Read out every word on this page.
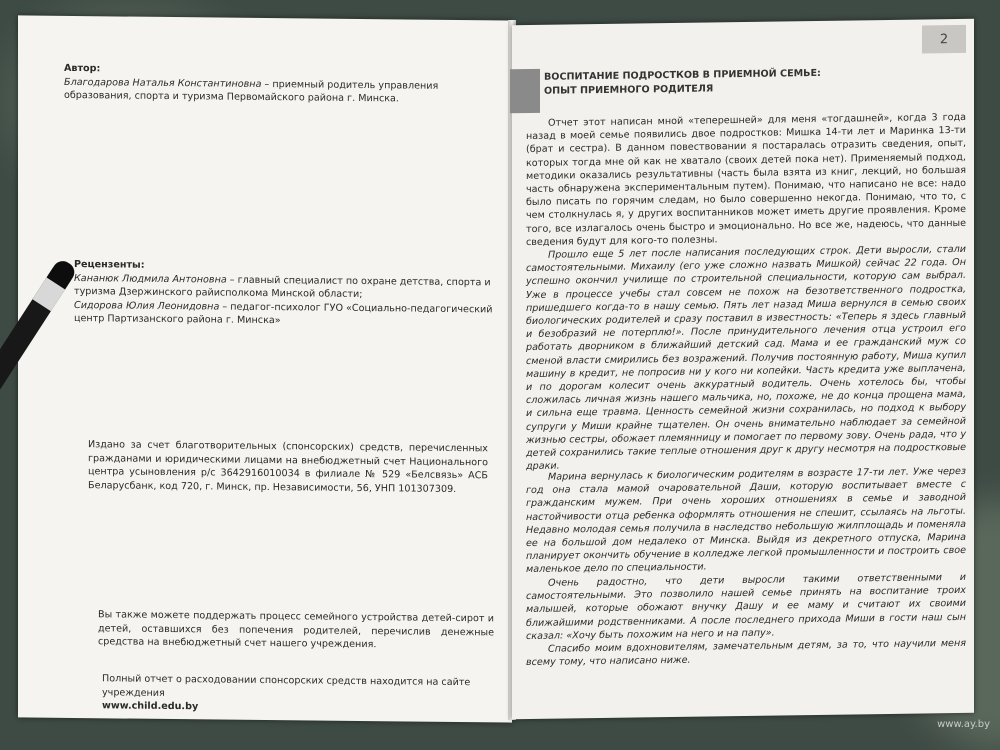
Автор:
Благодарова Наталья Константиновна – приемный родитель управления образования, спорта и туризма Первомайского района г. Минска.
Рецензенты:
Кананюк Людмила Антоновна – главный специалист по охране детства, спорта и туризма Дзержинского райисполкома Минской области;
Сидорова Юлия Леонидовна – педагог-психолог ГУО «Социально-педагогический центр Партизанского района г. Минска»
Издано за счет благотворительных (спонсорских) средств, перечисленных гражданами и юридическими лицами на внебюджетный счет Национального центра усыновления р/с 3642916010034 в филиале № 529 «Белсвязь» АСБ Беларусбанк, код 720, г. Минск, пр. Независимости, 56, УНП 101307309.
Вы также можете поддержать процесс семейного устройства детей-сирот и детей, оставшихся без попечения родителей, перечислив денежные средства на внебюджетный счет нашего учреждения.
Полный отчет о расходовании спонсорских средств находится на сайте учреждения
www.child.edu.by
2
ВОСПИТАНИЕ ПОДРОСТКОВ В ПРИЕМНОЙ СЕМЬЕ:
ОПЫТ ПРИЕМНОГО РОДИТЕЛЯ

Отчет этот написан мной «теперешней» для меня «тогдашней», когда 3 года назад в моей семье появились двое подростков: Мишка 14-ти лет и Маринка 13-ти (брат и сестра). В данном повествовании я постаралась отразить сведения, опыт, которых тогда мне ой как не хватало (своих детей пока нет). Применяемый подход, методики оказались результативны (часть была взята из книг, лекций, но большая часть обнаружена экспериментальным путем). Понимаю, что написано не все: надо было писать по горячим следам, но было совершенно некогда. Понимаю, что то, с чем столкнулась я, у других воспитанников может иметь другие проявления. Кроме того, все излагалось очень быстро и эмоционально. Но все же, надеюсь, что данные сведения будут для кого-то полезны.

Прошло еще 5 лет после написания последующих строк. Дети выросли, стали самостоятельными. Михаилу (его уже сложно назвать Мишкой) сейчас 22 года. Он успешно окончил училище по строительной специальности, которую сам выбрал. Уже в процессе учебы стал совсем не похож на безответственного подростка, пришедшего когда-то в нашу семью. Пять лет назад Миша вернулся в семью своих биологических родителей и сразу поставил в известность: «Теперь я здесь главный и безобразий не потерплю!». После принудительного лечения отца устроил его работать дворником в ближайший детский сад. Мама и ее гражданский муж со сменой власти смирились без возражений. Получив постоянную работу, Миша купил машину в кредит, не попросив ни у кого ни копейки. Часть кредита уже выплачена, и по дорогам колесит очень аккуратный водитель. Очень хотелось бы, чтобы сложилась личная жизнь нашего мальчика, но, похоже, не до конца прощена мама, и сильна еще травма. Ценность семейной жизни сохранилась, но подход к выбору супруги у Миши крайне тщателен. Он очень внимательно наблюдает за семейной жизнью сестры, обожает племянницу и помогает по первому зову. Очень рада, что у детей сохранились такие теплые отношения друг к другу несмотря на подростковые драки.

Марина вернулась к биологическим родителям в возрасте 17-ти лет. Уже через год она стала мамой очаровательной Даши, которую воспитывает вместе с гражданским мужем. При очень хороших отношениях в семье и заводной настойчивости отца ребенка оформлять отношения не спешит, ссылаясь на льготы. Недавно молодая семья получила в наследство небольшую жилплощадь и поменяла ее на большой дом недалеко от Минска. Выйдя из декретного отпуска, Марина планирует окончить обучение в колледже легкой промышленности и построить свое маленькое дело по специальности.

Очень радостно, что дети выросли такими ответственными и самостоятельными. Это позволило нашей семье принять на воспитание троих малышей, которые обожают внучку Дашу и ее маму и считают их своими ближайшими родственниками. А после последнего прихода Миши в гости наш сын сказал: «Хочу быть похожим на него и на папу».

Спасибо моим вдохновителям, замечательным детям, за то, что научили меня всему тому, что написано ниже.

www.ay.by
